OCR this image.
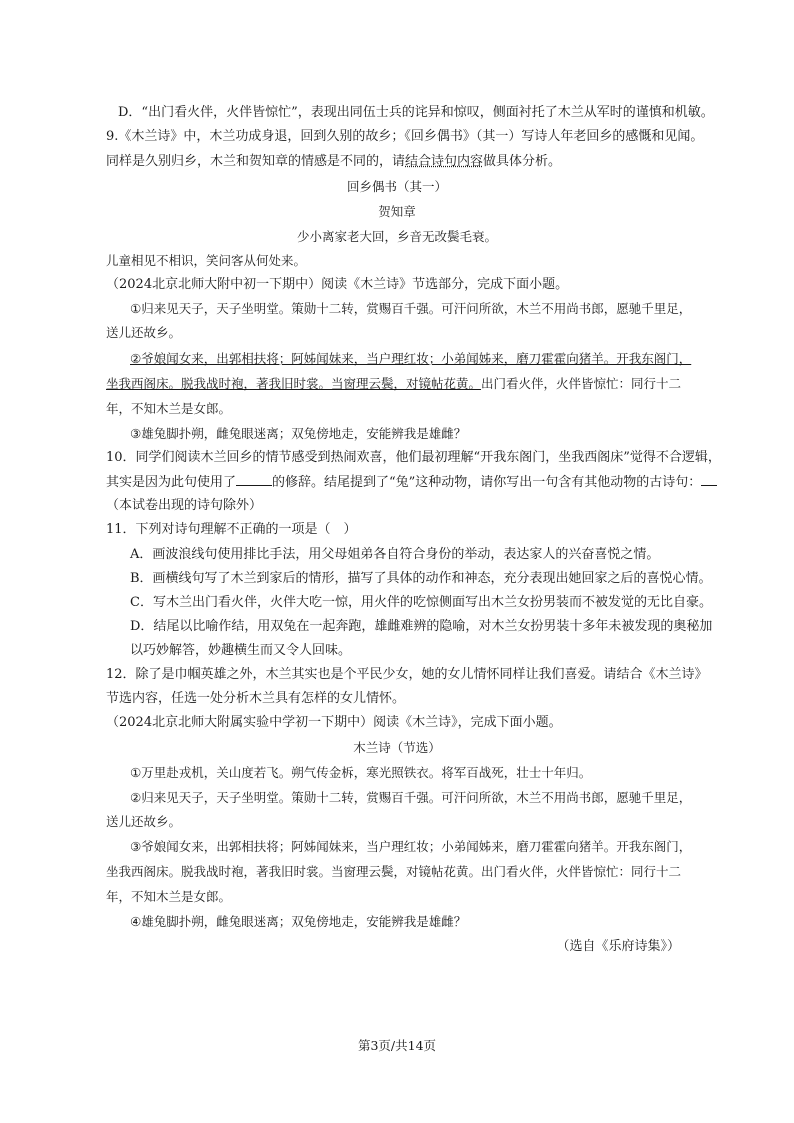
D．“出门看火伴，火伴皆惊忙”，表现出同伍士兵的诧异和惊叹，侧面衬托了木兰从军时的谨慎和机敏。
9.《木兰诗》中，木兰功成身退，回到久别的故乡；《回乡偶书》（其一）写诗人年老回乡的感慨和见闻。
同样是久别归乡，木兰和贺知章的情感是不同的，请结合诗句内容做具体分析。
回乡偶书（其一）
贺知章
少小离家老大回，乡音无改鬓毛衰。
儿童相见不相识，笑问客从何处来。
（2024北京北师大附中初一下期中）阅读《木兰诗》节选部分，完成下面小题。
①归来见天子，天子坐明堂。策勋十二转，赏赐百千强。可汗问所欲，木兰不用尚书郎，愿驰千里足，
送儿还故乡。
②爷娘闻女来，出郭相扶将；阿姊闻妹来，当户理红妆；小弟闻姊来，磨刀霍霍向猪羊。开我东阁门，
坐我西阁床。脱我战时袍，著我旧时裳。当窗理云鬓，对镜帖花黄。出门看火伴，火伴皆惊忙：同行十二
年，不知木兰是女郎。
③雄兔脚扑朔，雌兔眼迷离；双兔傍地走，安能辨我是雄雌？
10．同学们阅读木兰回乡的情节感受到热闹欢喜，他们最初理解“开我东阁门，坐我西阁床”觉得不合逻辑，
其实是因为此句使用了	的修辞。结尾提到了“兔”这种动物，请你写出一句含有其他动物的古诗句：
（本试卷出现的诗句除外）
11．下列对诗句理解不正确的一项是（　）
A．画波浪线句使用排比手法，用父母姐弟各自符合身份的举动，表达家人的兴奋喜悦之情。
B．画横线句写了木兰到家后的情形，描写了具体的动作和神态，充分表现出她回家之后的喜悦心情。
C．写木兰出门看火伴，火伴大吃一惊，用火伴的吃惊侧面写出木兰女扮男装而不被发觉的无比自豪。
D．结尾以比喻作结，用双兔在一起奔跑，雄雌难辨的隐喻，对木兰女扮男装十多年未被发现的奥秘加
以巧妙解答，妙趣横生而又令人回味。
12．除了是巾帼英雄之外，木兰其实也是个平民少女，她的女儿情怀同样让我们喜爱。请结合《木兰诗》
节选内容，任选一处分析木兰具有怎样的女儿情怀。
（2024北京北师大附属实验中学初一下期中）阅读《木兰诗》，完成下面小题。
木兰诗（节选）
①万里赴戎机，关山度若飞。朔气传金柝，寒光照铁衣。将军百战死，壮士十年归。
②归来见天子，天子坐明堂。策勋十二转，赏赐百千强。可汗问所欲，木兰不用尚书郎，愿驰千里足，
送儿还故乡。
③爷娘闻女来，出郭相扶将；阿姊闻妹来，当户理红妆；小弟闻姊来，磨刀霍霍向猪羊。开我东阁门，
坐我西阁床。脱我战时袍，著我旧时裳。当窗理云鬓，对镜帖花黄。出门看火伴，火伴皆惊忙：同行十二
年，不知木兰是女郎。
④雄兔脚扑朔，雌兔眼迷离；双兔傍地走，安能辨我是雄雌？
（选自《乐府诗集》）
第3页/共14页
